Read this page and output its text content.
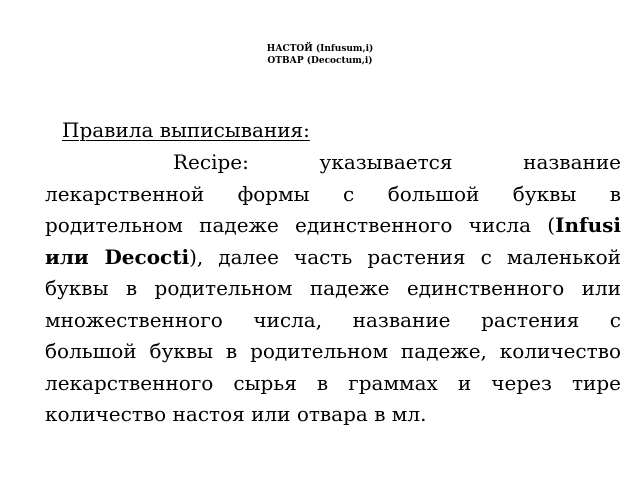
НАСТОЙ (Infusum,i)
ОТВАР (Decoctum,i)
Правила выписывания:

Recipe: указывается название лекарственной формы с большой буквы в родительном падеже единственного числа (Infusi или Decocti), далее часть растения с маленькой буквы в родительном падеже единственного или множественного числа, название растения с большой буквы в родительном падеже, количество лекарственного сырья в граммах и через тире количество настоя или отвара в мл.
